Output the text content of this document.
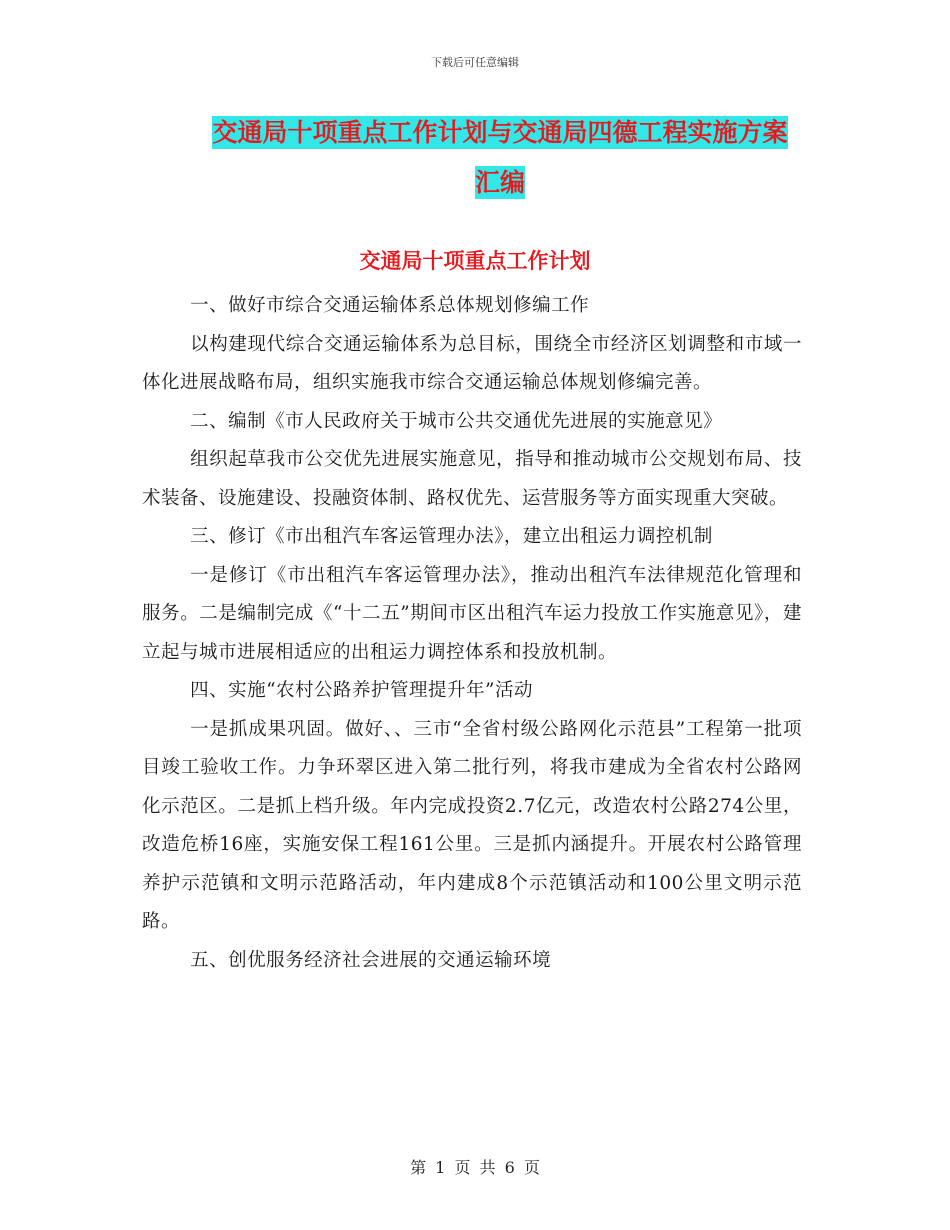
下载后可任意编辑
交通局十项重点工作计划与交通局四德工程实施方案
汇编
交通局十项重点工作计划

一、做好市综合交通运输体系总体规划修编工作

以构建现代综合交通运输体系为总目标，围绕全市经济区划调整和市域一体化进展战略布局，组织实施我市综合交通运输总体规划修编完善。

二、编制《市人民政府关于城市公共交通优先进展的实施意见》

组织起草我市公交优先进展实施意见，指导和推动城市公交规划布局、技术装备、设施建设、投融资体制、路权优先、运营服务等方面实现重大突破。

三、修订《市出租汽车客运管理办法》，建立出租运力调控机制

一是修订《市出租汽车客运管理办法》，推动出租汽车法律规范化管理和服务。二是编制完成《“十二五”期间市区出租汽车运力投放工作实施意见》，建立起与城市进展相适应的出租运力调控体系和投放机制。

四、实施“农村公路养护管理提升年”活动

一是抓成果巩固。做好、、三市“全省村级公路网化示范县”工程第一批项目竣工验收工作。力争环翠区进入第二批行列，将我市建成为全省农村公路网化示范区。二是抓上档升级。年内完成投资2.7亿元，改造农村公路274公里，改造危桥16座，实施安保工程161公里。三是抓内涵提升。开展农村公路管理养护示范镇和文明示范路活动，年内建成8个示范镇活动和100公里文明示范路。

五、创优服务经济社会进展的交通运输环境

第 1 页 共 6 页
